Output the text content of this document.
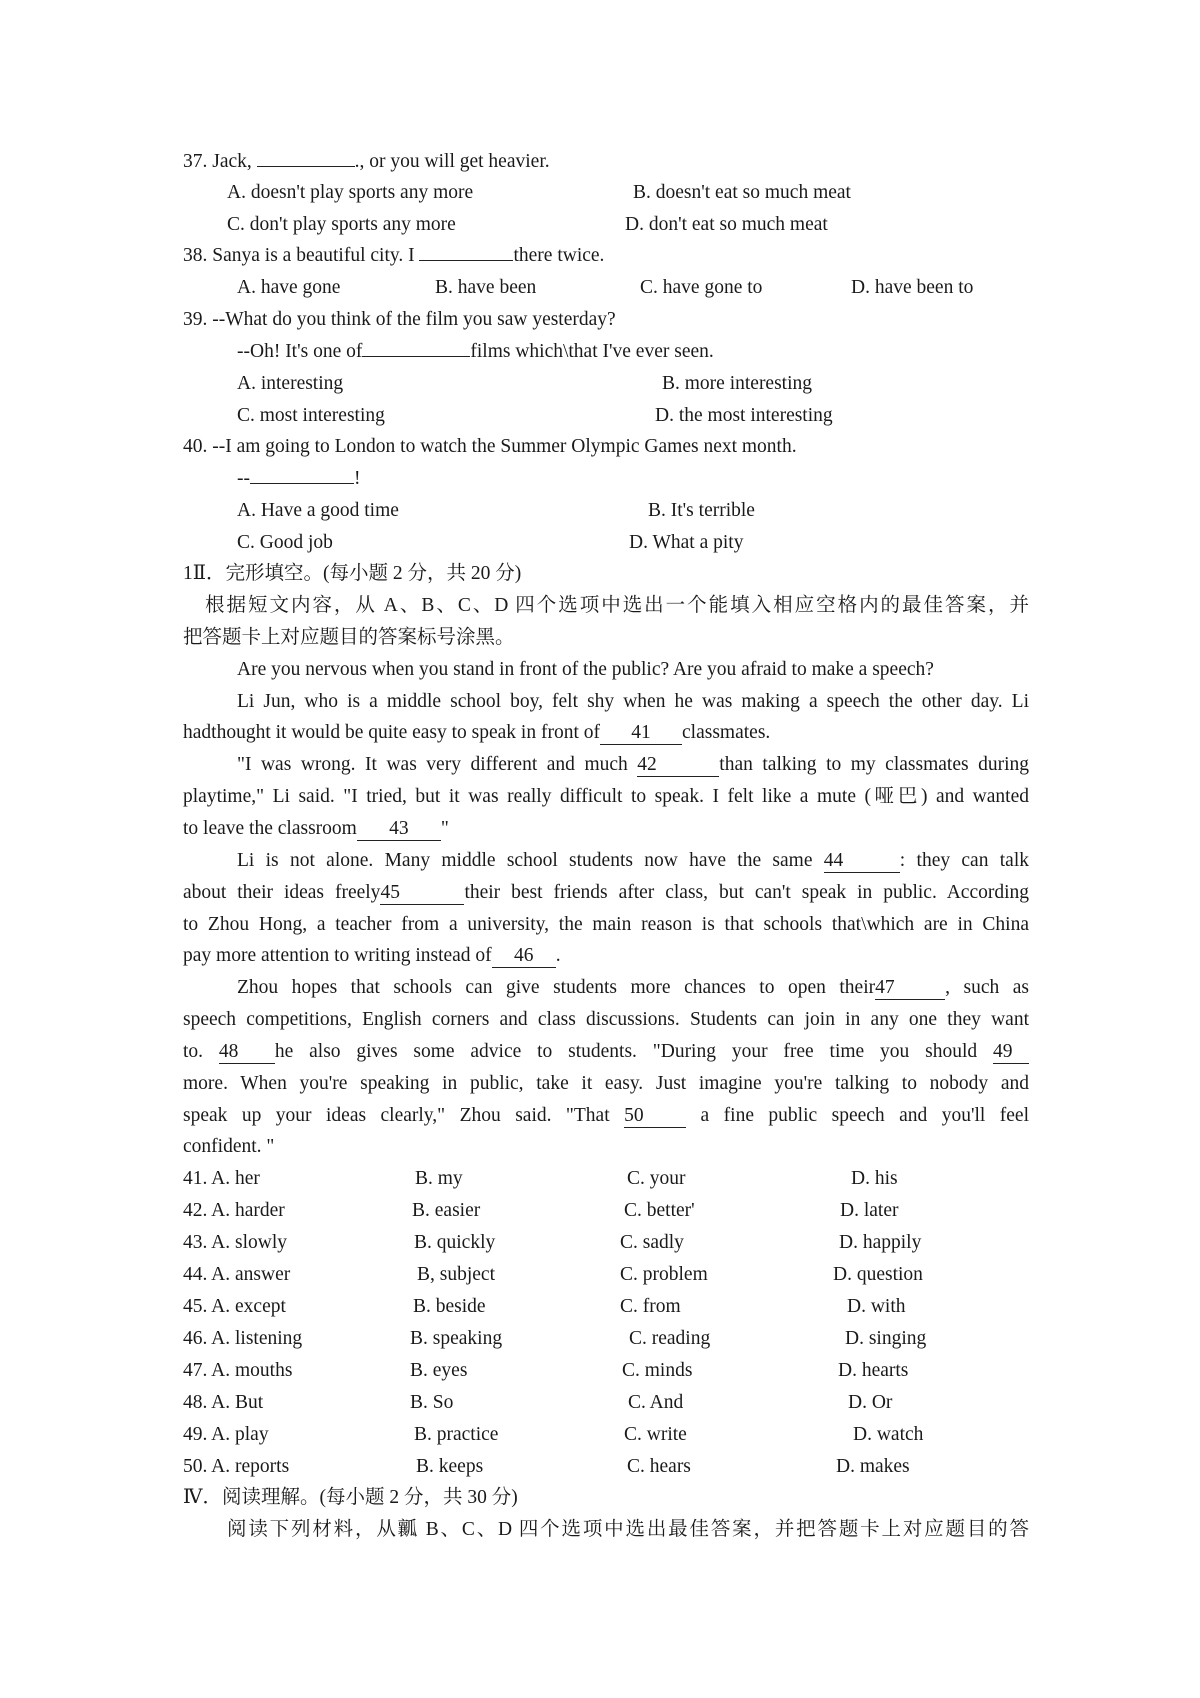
37. Jack,	., or you will get heavier.
A. doesn't play sports any more	B. doesn't eat so much meat
C. don't play sports any more	D. don't eat so much meat
38. Sanya is a beautiful city. I	there twice.
A. have gone	B. have been	C. have gone to	D. have been to
39. --What do you think of the film you saw yesterday?
--Oh! It's one of	films which\that I've ever seen.
A. interesting	B. more interesting
C. most interesting	D. the most interesting
40. --I am going to London to watch the Summer Olympic Games next month.
--	!
A. Have a good time	B. It's terrible
C. Good job	D. What a pity
1Ⅱ．完形填空。(每小题 2 分，共 20 分)
根据短文内容，从 A、B、C、D 四个选项中选出一个能填入相应空格内的最佳答案，并
把答题卡上对应题目的答案标号涂黑。
Are you nervous when you stand in front of the public? Are you afraid to make a speech?
Li Jun, who is a middle school boy, felt shy when he was making a speech the other day. Li
hadthought it would be quite easy to speak in front of 41 classmates.
"I was wrong. It was very different and much 42	than talking to my classmates during
playtime," Li said. "I tried, but it was really difficult to speak. I felt like a mute (哑巴) and wanted
to leave the classroom 43 "
Li is not alone. Many middle school students now have the same 44	: they can talk
about their ideas freely45	their best friends after class, but can't speak in public. According
to Zhou Hong, a teacher from a university, the main reason is that schools that\which are in China
pay more attention to writing instead of 46 .
Zhou hopes that schools can give students more chances to open their47	, such as
speech competitions, English corners and class discussions. Students can join in any one they want
to. 48 he also gives some advice to students. "During your free time you should 49
more. When you're speaking in public, take it easy. Just imagine you're talking to nobody and
speak up your ideas clearly," Zhou said. "That 50	a fine public speech and you'll feel
confident. "
41. A. her	B. my	C. your	D. his
42. A. harder	B. easier	C. better'	D. later
43. A. slowly	B. quickly	C. sadly	D. happily
44. A. answer	B, subject	C. problem	D. question
45. A. except	B. beside	C. from	D. with
46. A. listening	B. speaking	C. reading	D. singing
47. A. mouths	B. eyes	C. minds	D. hearts
48. A. But	B. So	C. And	D. Or
49. A. play	B. practice	C. write	D. watch
50. A. reports	B. keeps	C. hears	D. makes
Ⅳ．阅读理解。(每小题 2 分，共 30 分)
阅读下列材料，从瓤 B、C、D 四个选项中选出最佳答案，并把答题卡上对应题目的答
